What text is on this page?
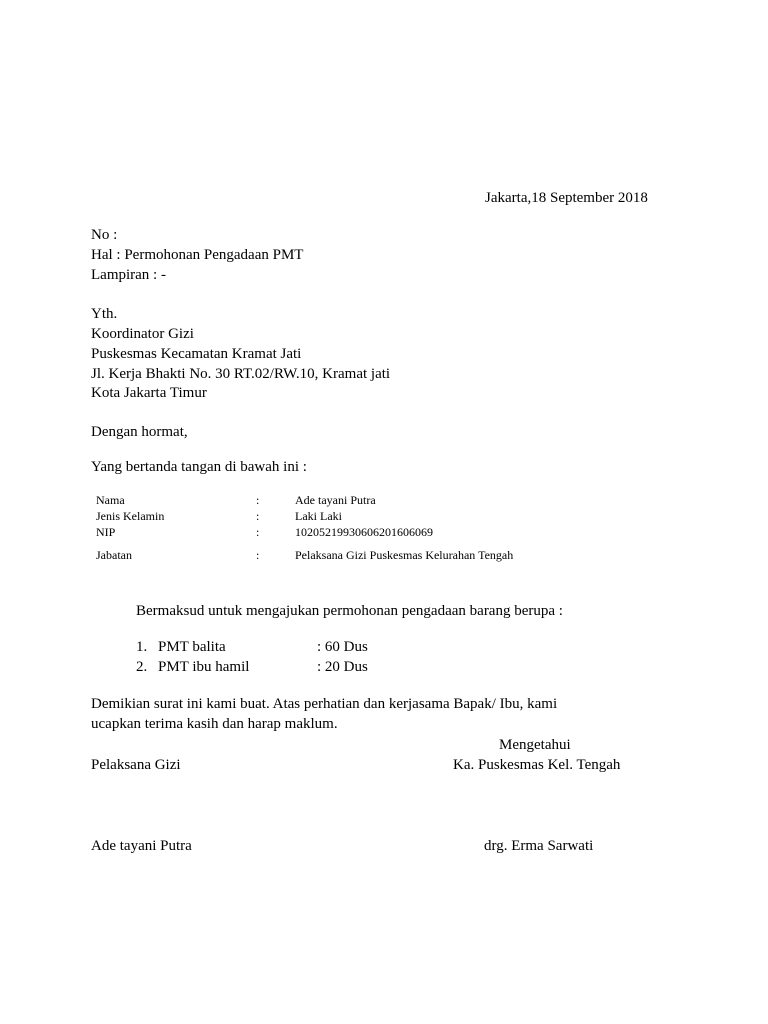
Jakarta,18 September 2018
No :
Hal : Permohonan Pengadaan PMT
Lampiran : -
Yth.
Koordinator Gizi
Puskesmas Kecamatan Kramat Jati
Jl. Kerja Bhakti No. 30 RT.02/RW.10, Kramat jati
Kota Jakarta Timur
Dengan hormat,
Yang bertanda tangan di bawah ini :
Nama	:	Ade tayani Putra
Jenis Kelamin	:	Laki Laki
NIP	:	102052199306062016060​69
Jabatan	:	Pelaksana Gizi Puskesmas Kelurahan Tengah
Bermaksud untuk mengajukan permohonan pengadaan barang berupa :
1. PMT balita	: 60 Dus
2. PMT ibu hamil	: 20 Dus
Demikian surat ini kami buat. Atas perhatian dan kerjasama Bapak/ Ibu, kami
ucapkan terima kasih dan harap maklum.
Mengetahui
Pelaksana Gizi	Ka. Puskesmas Kel. Tengah
Ade tayani Putra	drg. Erma Sarwati
